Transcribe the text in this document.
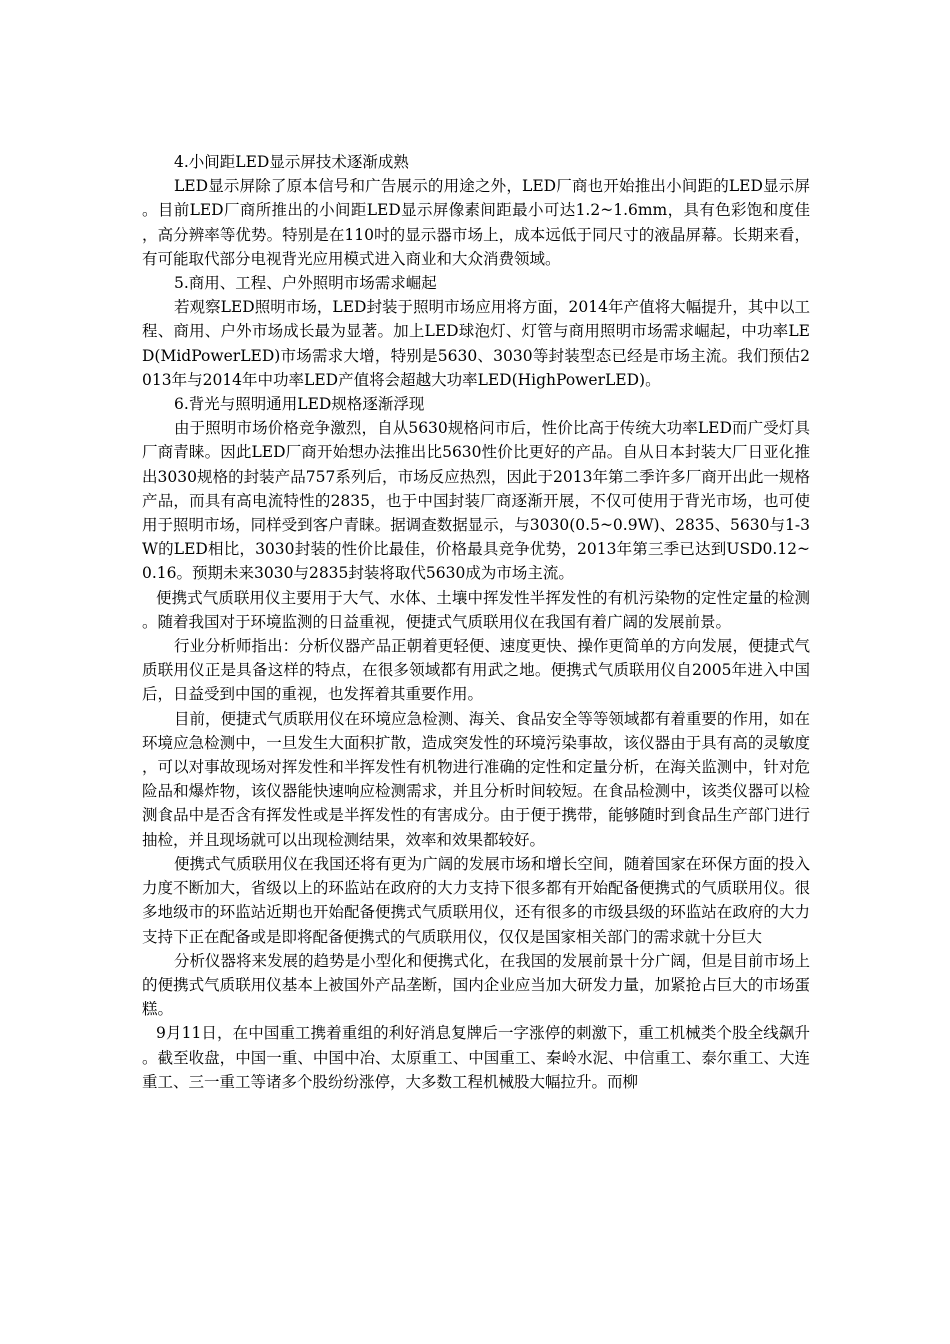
4.小间距LED显示屏技术逐渐成熟

LED显示屏除了原本信号和广告展示的用途之外，LED厂商也开始推出小间距的LED显示屏。目前LED厂商所推出的小间距LED显示屏像素间距最小可达1.2~1.6mm，具有色彩饱和度佳，高分辨率等优势。特别是在110吋的显示器市场上，成本远低于同尺寸的液晶屏幕。长期来看，有可能取代部分电视背光应用模式进入商业和大众消费领域。

5.商用、工程、户外照明市场需求崛起

若观察LED照明市场，LED封装于照明市场应用将方面，2014年产值将大幅提升，其中以工程、商用、户外市场成长最为显著。加上LED球泡灯、灯管与商用照明市场需求崛起，中功率LED(MidPowerLED)市场需求大增，特别是5630、3030等封装型态已经是市场主流。我们预估2013年与2014年中功率LED产值将会超越大功率LED(HighPowerLED)。

6.背光与照明通用LED规格逐渐浮现

由于照明市场价格竞争激烈，自从5630规格问市后，性价比高于传统大功率LED而广受灯具厂商青睐。因此LED厂商开始想办法推出比5630性价比更好的产品。自从日本封装大厂日亚化推出3030规格的封装产品757系列后，市场反应热烈，因此于2013年第二季许多厂商开出此一规格产品，而具有高电流特性的2835，也于中国封装厂商逐渐开展，不仅可使用于背光市场，也可使用于照明市场，同样受到客户青睐。据调查数据显示，与3030(0.5~0.9W)、2835、5630与1-3W的LED相比，3030封装的性价比最佳，价格最具竞争优势，2013年第三季已达到USD0.12~0.16。预期未来3030与2835封装将取代5630成为市场主流。

便携式气质联用仪主要用于大气、水体、土壤中挥发性半挥发性的有机污染物的定性定量的检测。随着我国对于环境监测的日益重视，便捷式气质联用仪在我国有着广阔的发展前景。

行业分析师指出：分析仪器产品正朝着更轻便、速度更快、操作更简单的方向发展，便捷式气质联用仪正是具备这样的特点，在很多领域都有用武之地。便携式气质联用仪自2005年进入中国后，日益受到中国的重视，也发挥着其重要作用。

目前，便捷式气质联用仪在环境应急检测、海关、食品安全等等领域都有着重要的作用，如在环境应急检测中，一旦发生大面积扩散，造成突发性的环境污染事故，该仪器由于具有高的灵敏度，可以对事故现场对挥发性和半挥发性有机物进行准确的定性和定量分析，在海关监测中，针对危险品和爆炸物，该仪器能快速响应检测需求，并且分析时间较短。在食品检测中，该类仪器可以检测食品中是否含有挥发性或是半挥发性的有害成分。由于便于携带，能够随时到食品生产部门进行抽检，并且现场就可以出现检测结果，效率和效果都较好。

便携式气质联用仪在我国还将有更为广阔的发展市场和增长空间，随着国家在环保方面的投入力度不断加大，省级以上的环监站在政府的大力支持下很多都有开始配备便携式的气质联用仪。很多地级市的环监站近期也开始配备便携式气质联用仪，还有很多的市级县级的环监站在政府的大力支持下正在配备或是即将配备便携式的气质联用仪，仅仅是国家相关部门的需求就十分巨大

分析仪器将来发展的趋势是小型化和便携式化，在我国的发展前景十分广阔，但是目前市场上的便携式气质联用仪基本上被国外产品垄断，国内企业应当加大研发力量，加紧抢占巨大的市场蛋糕。

9月11日，在中国重工携着重组的利好消息复牌后一字涨停的刺激下，重工机械类个股全线飙升。截至收盘，中国一重、中国中冶、太原重工、中国重工、秦岭水泥、中信重工、泰尔重工、大连重工、三一重工等诸多个股纷纷涨停，大多数工程机械股大幅拉升。而柳
